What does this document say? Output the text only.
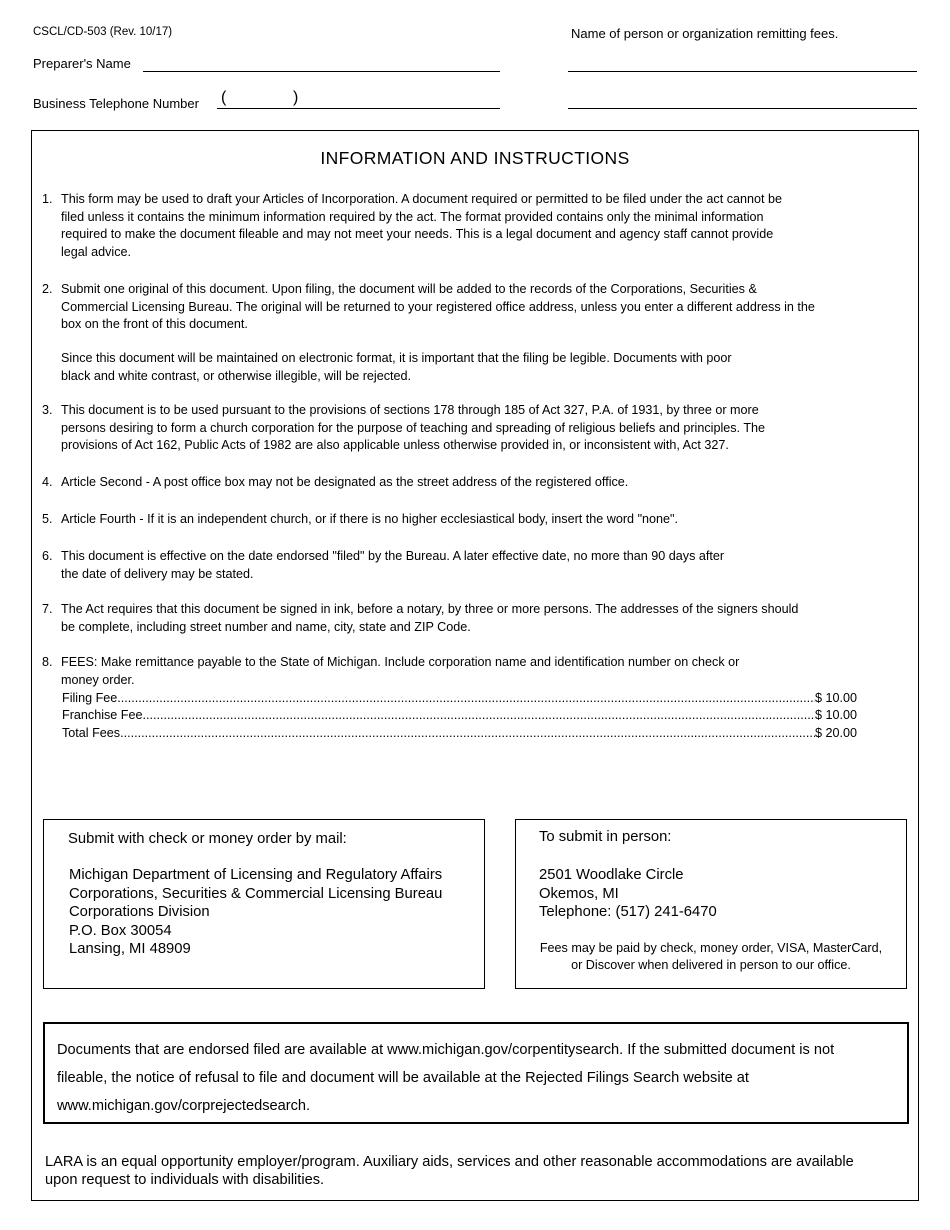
CSCL/CD-503 (Rev. 10/17)
Preparer's Name
Business Telephone Number (	)
Name of person or organization remitting fees.
INFORMATION AND INSTRUCTIONS
1. This form may be used to draft your Articles of Incorporation. A document required or permitted to be filed under the act cannot be
filed unless it contains the minimum information required by the act. The format provided contains only the minimal information
required to make the document fileable and may not meet your needs. This is a legal document and agency staff cannot provide
legal advice.
2. Submit one original of this document. Upon filing, the document will be added to the records of the Corporations, Securities &
Commercial Licensing Bureau. The original will be returned to your registered office address, unless you enter a different address in the
box on the front of this document.
Since this document will be maintained on electronic format, it is important that the filing be legible. Documents with poor
black and white contrast, or otherwise illegible, will be rejected.
3. This document is to be used pursuant to the provisions of sections 178 through 185 of Act 327, P.A. of 1931, by three or more
persons desiring to form a church corporation for the purpose of teaching and spreading of religious beliefs and principles. The
provisions of Act 162, Public Acts of 1982 are also applicable unless otherwise provided in, or inconsistent with, Act 327.
4. Article Second - A post office box may not be designated as the street address of the registered office.
5. Article Fourth - If it is an independent church, or if there is no higher ecclesiastical body, insert the word "none".
6. This document is effective on the date endorsed "filed" by the Bureau. A later effective date, no more than 90 days after
the date of delivery may be stated.
7. The Act requires that this document be signed in ink, before a notary, by three or more persons. The addresses of the signers should
be complete, including street number and name, city, state and ZIP Code.
8. FEES: Make remittance payable to the State of Michigan. Include corporation name and identification number on check or
money order.
Filing Fee .....	$ 10.00
Franchise Fee .....	$ 10.00
Total Fees .....	$ 20.00
Submit with check or money order by mail:
Michigan Department of Licensing and Regulatory Affairs
Corporations, Securities & Commercial Licensing Bureau
Corporations Division
P.O. Box 30054
Lansing, MI 48909
To submit in person:
2501 Woodlake Circle
Okemos, MI
Telephone: (517) 241-6470
Fees may be paid by check, money order, VISA, MasterCard,
or Discover when delivered in person to our office.
Documents that are endorsed filed are available at www.michigan.gov/corpentitysearch. If the submitted document is not
fileable, the notice of refusal to file and document will be available at the Rejected Filings Search website at
www.michigan.gov/corprejectedsearch.
LARA is an equal opportunity employer/program. Auxiliary aids, services and other reasonable accommodations are available
upon request to individuals with disabilities.
